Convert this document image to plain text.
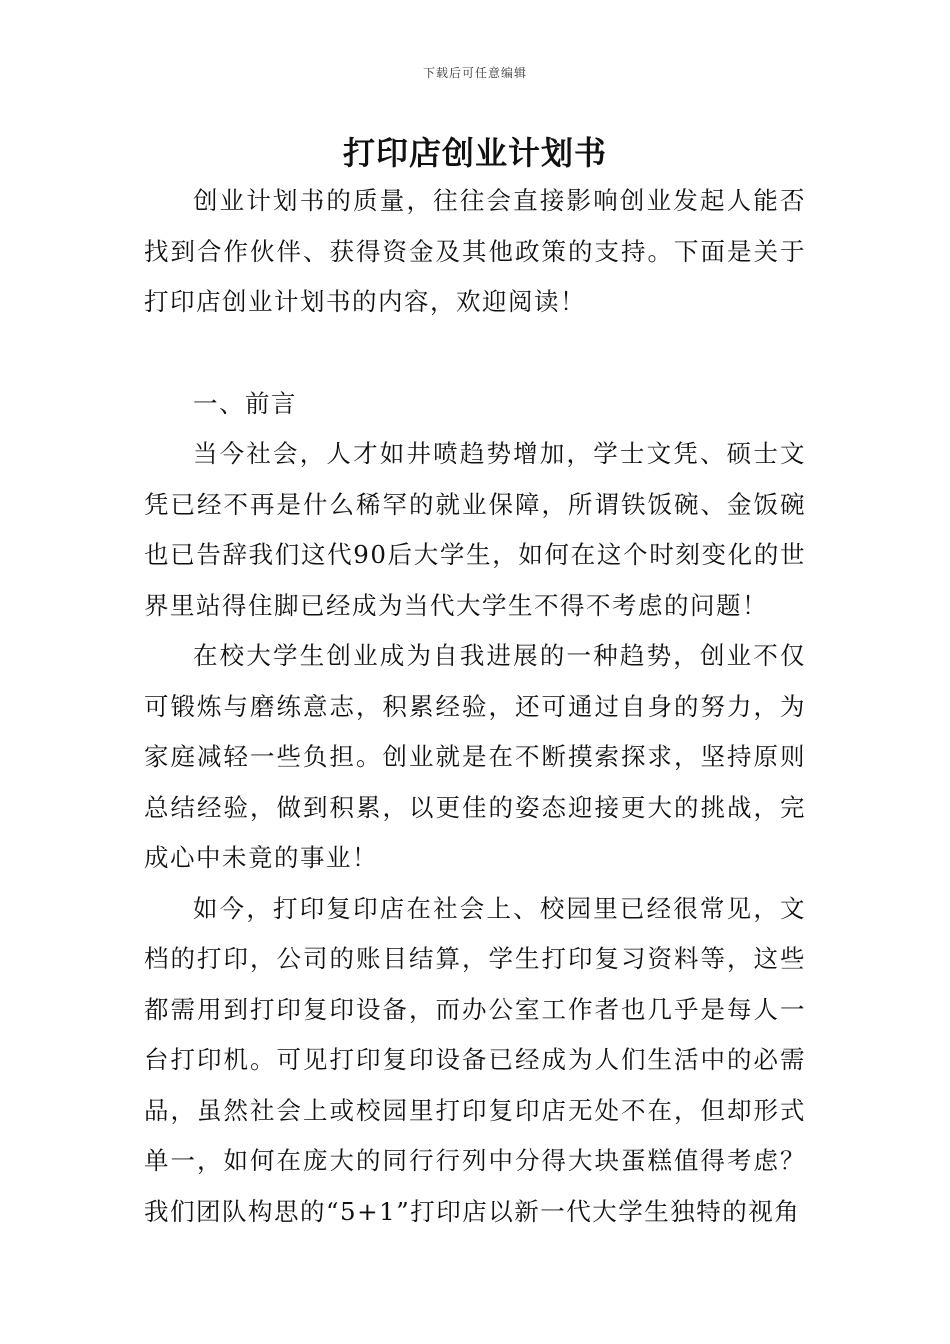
下载后可任意编辑
打印店创业计划书

创业计划书的质量，往往会直接影响创业发起人能否找到合作伙伴、获得资金及其他政策的支持。下面是关于打印店创业计划书的内容，欢迎阅读！

一、前言

当今社会，人才如井喷趋势增加，学士文凭、硕士文凭已经不再是什么稀罕的就业保障，所谓铁饭碗、金饭碗也已告辞我们这代90后大学生，如何在这个时刻变化的世界里站得住脚已经成为当代大学生不得不考虑的问题！

在校大学生创业成为自我进展的一种趋势，创业不仅可锻炼与磨练意志，积累经验，还可通过自身的努力，为家庭减轻一些负担。创业就是在不断摸索探求，坚持原则总结经验，做到积累，以更佳的姿态迎接更大的挑战，完成心中未竟的事业！

如今，打印复印店在社会上、校园里已经很常见，文档的打印，公司的账目结算，学生打印复习资料等，这些都需用到打印复印设备，而办公室工作者也几乎是每人一台打印机。可见打印复印设备已经成为人们生活中的必需品，虽然社会上或校园里打印复印店无处不在，但却形式单一，如何在庞大的同行行列中分得大块蛋糕值得考虑？我们团队构思的“5+1”打印店以新一代大学生独特的视角
